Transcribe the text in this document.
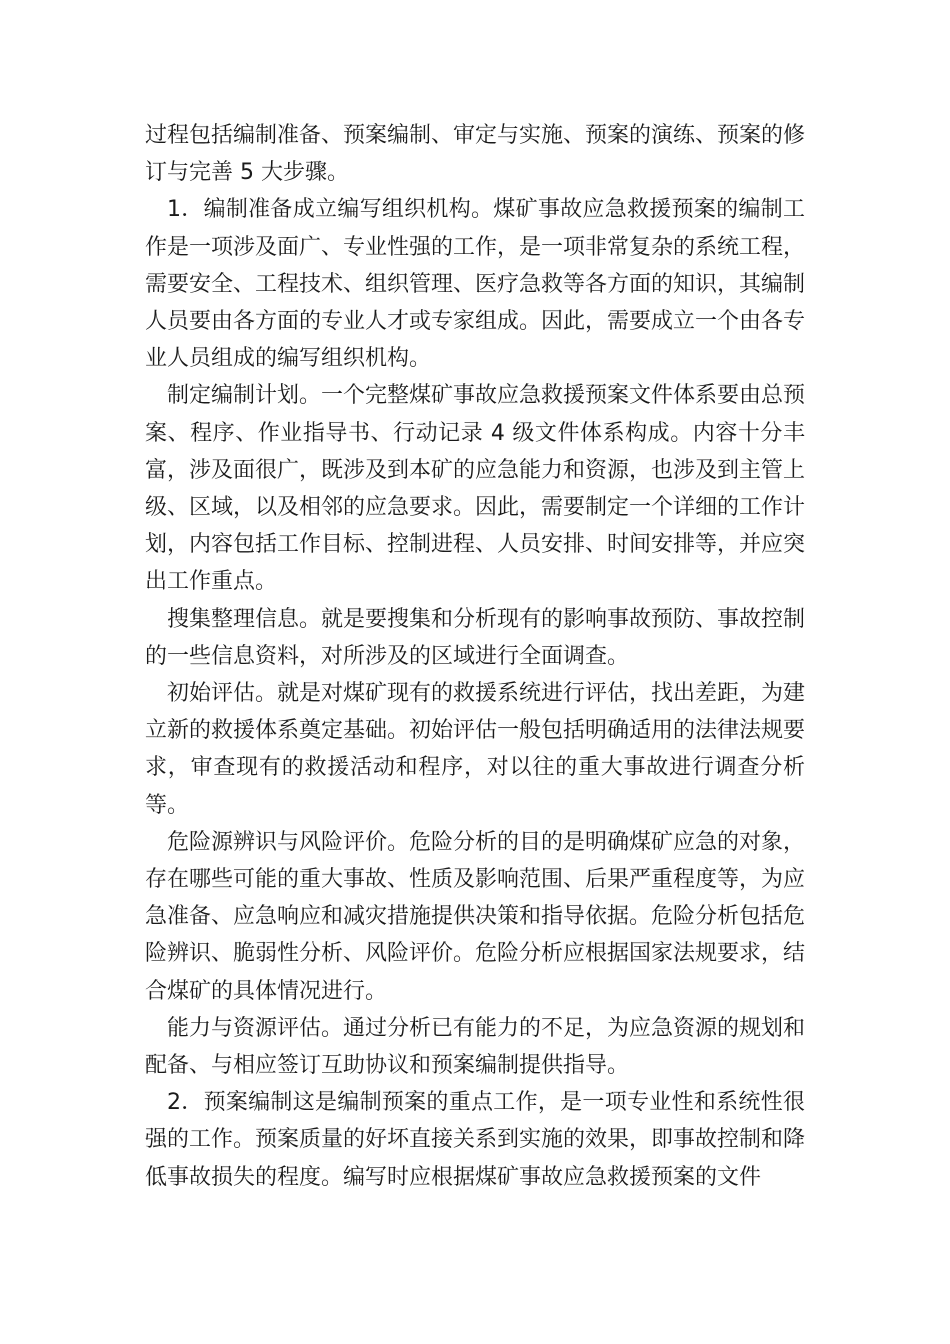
过程包括编制准备、预案编制、审定与实施、预案的演练、预案的修订与完善 5 大步骤。

1．编制准备成立编写组织机构。煤矿事故应急救援预案的编制工作是一项涉及面广、专业性强的工作，是一项非常复杂的系统工程，需要安全、工程技术、组织管理、医疗急救等各方面的知识，其编制人员要由各方面的专业人才或专家组成。因此，需要成立一个由各专业人员组成的编写组织机构。

制定编制计划。一个完整煤矿事故应急救援预案文件体系要由总预案、程序、作业指导书、行动记录 4 级文件体系构成。内容十分丰富，涉及面很广，既涉及到本矿的应急能力和资源，也涉及到主管上级、区域，以及相邻的应急要求。因此，需要制定一个详细的工作计划，内容包括工作目标、控制进程、人员安排、时间安排等，并应突出工作重点。

搜集整理信息。就是要搜集和分析现有的影响事故预防、事故控制的一些信息资料，对所涉及的区域进行全面调查。

初始评估。就是对煤矿现有的救援系统进行评估，找出差距，为建立新的救援体系奠定基础。初始评估一般包括明确适用的法律法规要求，审查现有的救援活动和程序，对以往的重大事故进行调查分析等。

危险源辨识与风险评价。危险分析的目的是明确煤矿应急的对象，存在哪些可能的重大事故、性质及影响范围、后果严重程度等，为应急准备、应急响应和减灾措施提供决策和指导依据。危险分析包括危险辨识、脆弱性分析、风险评价。危险分析应根据国家法规要求，结合煤矿的具体情况进行。

能力与资源评估。通过分析已有能力的不足，为应急资源的规划和配备、与相应签订互助协议和预案编制提供指导。

2．预案编制这是编制预案的重点工作，是一项专业性和系统性很强的工作。预案质量的好坏直接关系到实施的效果，即事故控制和降低事故损失的程度。编写时应根据煤矿事故应急救援预案的文件
